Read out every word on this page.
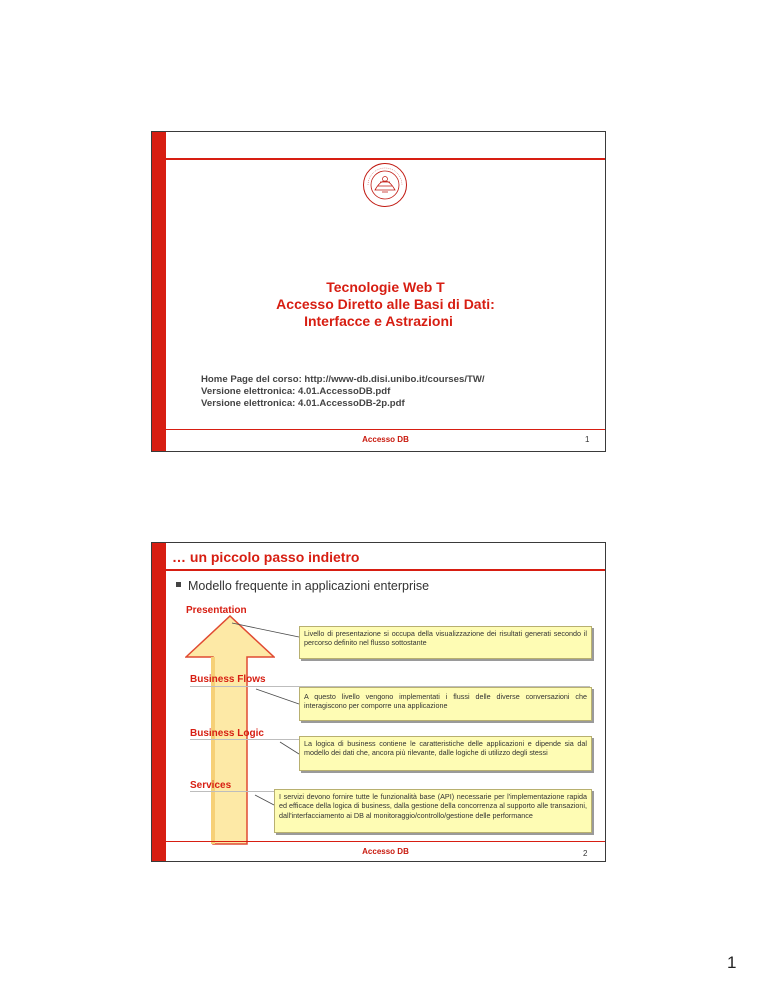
Tecnologie Web T
Accesso Diretto alle Basi di Dati:
Interfacce e Astrazioni
Home Page del corso: http://www-db.disi.unibo.it/courses/TW/
Versione elettronica: 4.01.AccessoDB.pdf
Versione elettronica: 4.01.AccessoDB-2p.pdf
Accesso DB	1
… un piccolo passo indietro
Modello frequente in applicazioni enterprise
Presentation
Livello di presentazione si occupa della visualizzazione dei risultati generati secondo il percorso definito nel flusso sottostante
Business Flows
A questo livello vengono implementati i flussi delle diverse conversazioni che interagiscono per comporre una applicazione
Business Logic
La logica di business contiene le caratteristiche delle applicazioni e dipende sia dal modello dei dati che, ancora più rilevante, dalle logiche di utilizzo degli stessi
Services
I servizi devono fornire tutte le funzionalità base (API) necessarie per l'implementazione rapida ed efficace della logica di business, dalla gestione della concorrenza al supporto alle transazioni, dall'interfacciamento ai DB al monitoraggio/controllo/gestione delle performance
Accesso DB	2
1
